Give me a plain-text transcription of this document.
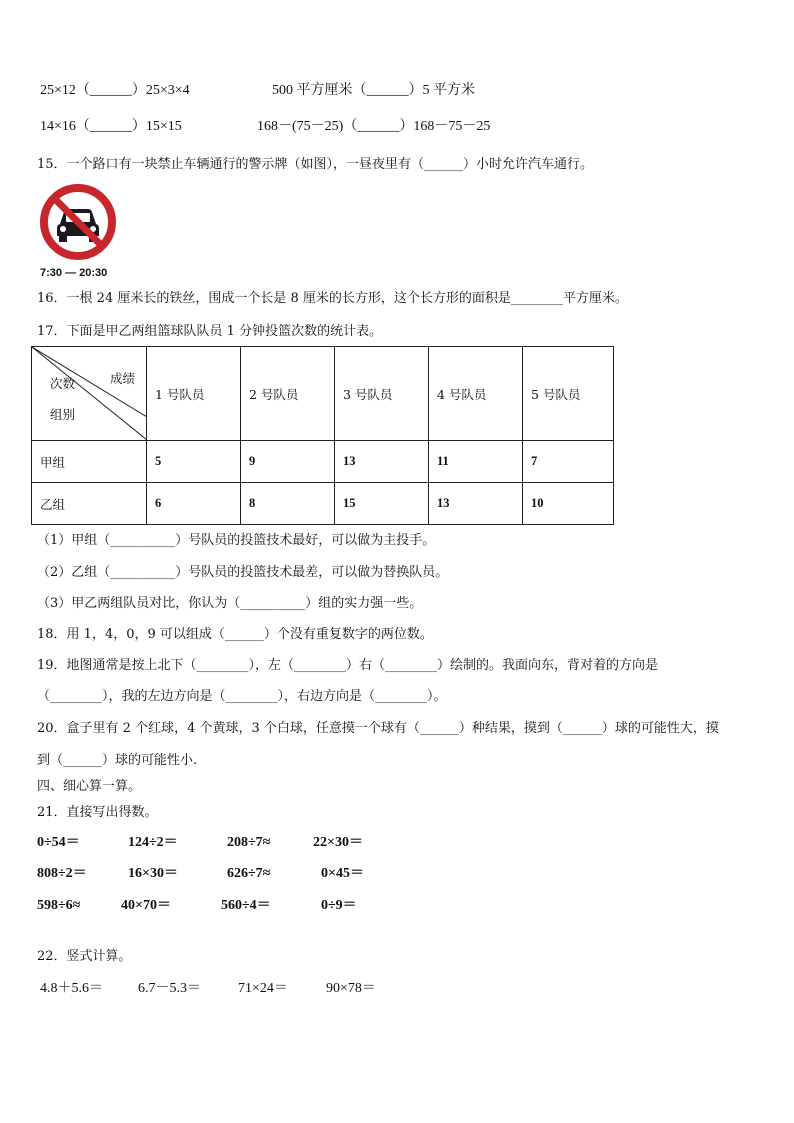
25×12（______）25×3×4	500 平方厘米（______）5 平方米
14×16（______）15×15	168－(75－25)（______）168－75－25
15．一个路口有一块禁止车辆通行的警示牌（如图），一昼夜里有（______）小时允许汽车通行。
7:30 — 20:30
16．一根 24 厘米长的铁丝，围成一个长是 8 厘米的长方形，这个长方形的面积是________平方厘米。
17．下面是甲乙两组篮球队队员 1 分钟投篮次数的统计表。
成绩
次数
组别	1 号队员	2 号队员	3 号队员	4 号队员	5 号队员
甲组	5	9	13	11	7
乙组	6	8	15	13	10
（1）甲组（__________）号队员的投篮技术最好，可以做为主投手。
（2）乙组（__________）号队员的投篮技术最差，可以做为替换队员。
（3）甲乙两组队员对比，你认为（__________）组的实力强一些。
18．用 1，4，0，9 可以组成（______）个没有重复数字的两位数。
19．地图通常是按上北下（________），左（________）右（________）绘制的。我面向东，背对着的方向是
（________），我的左边方向是（________），右边方向是（________）。
20．盒子里有 2 个红球，4 个黄球，3 个白球，任意摸一个球有（______）种结果，摸到（______）球的可能性大，摸
到（______）球的可能性小.
四、细心算一算。
21．直接写出得数。
0÷54＝	124÷2＝	208÷7≈	22×30＝
808÷2＝	16×30＝	626÷7≈	0×45＝
598÷6≈	40×70＝	560÷4＝	0÷9＝
22．竖式计算。
4.8＋5.6＝	6.7－5.3＝	71×24＝	90×78＝
